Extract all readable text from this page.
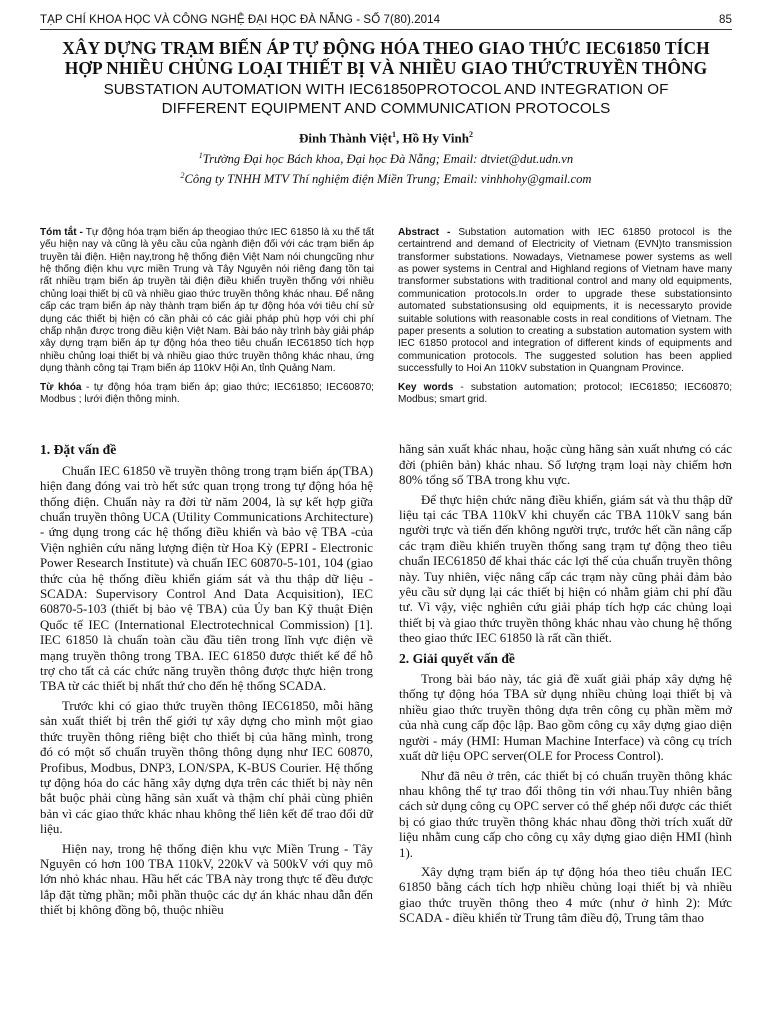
TẠP CHÍ KHOA HỌC VÀ CÔNG NGHỆ ĐẠI HỌC ĐÀ NẴNG - SỐ 7(80).2014	85
XÂY DỰNG TRẠM BIẾN ÁP TỰ ĐỘNG HÓA THEO GIAO THỨC IEC61850 TÍCH
HỢP NHIỀU CHỦNG LOẠI THIẾT BỊ VÀ NHIỀU GIAO THỨCTRUYỀN THÔNG
SUBSTATION AUTOMATION WITH IEC61850PROTOCOL AND INTEGRATION OF
DIFFERENT EQUIPMENT AND COMMUNICATION PROTOCOLS
Đinh Thành Việt$^1$, Hồ Hy Vinh$^2$
$^1$Trường Đại học Bách khoa, Đại học Đà Nẵng; Email: dtviet@dut.udn.vn
$^2$Công ty TNHH MTV Thí nghiệm điện Miền Trung; Email: vinhhohy@gmail.com

Tóm tắt - Tự động hóa trạm biến áp theogiao thức IEC 61850 là xu thế tất yếu hiện nay và cũng là yêu cầu của ngành điện đối với các trạm biến áp truyền tải điện. Hiện nay,trong hệ thống điện Việt Nam nói chungcũng như hệ thống điện khu vực miền Trung và Tây Nguyên nói riêng đang tồn tại rất nhiều trạm biến áp truyền tải điện điều khiển truyền thống với nhiều chủng loại thiết bị cũ và nhiều giao thức truyền thông khác nhau. Để nâng cấp các trạm biến áp này thành trạm biến áp tự động hóa với tiêu chí sử dụng các thiết bị hiện có cần phải có các giải pháp phù hợp với chi phí chấp nhận được trong điều kiện Việt Nam. Bài báo này trình bày giải pháp xây dựng trạm biến áp tự động hóa theo tiêu chuẩn IEC61850 tích hợp nhiều chủng loại thiết bị và nhiều giao thức truyền thông khác nhau, ứng dụng thành công tại Trạm biến áp 110kV Hội An, tỉnh Quảng Nam.

Từ khóa - tự động hóa trạm biến áp; giao thức; IEC61850; IEC60870; Modbus ; lưới điện thông minh.

Abstract - Substation automation with IEC 61850 protocol is the certaintrend and demand of Electricity of Vietnam (EVN)to transmission transformer substations. Nowadays, Vietnamese power systems as well as power systems in Central and Highland regions of Vietnam have many transformer substations with traditional control and many old equipments, communication protocols.In order to upgrade these substationsinto automated substationsusing old equipments, it is necessaryto provide suitable solutions with reasonable costs in real conditions of Vietnam. The paper presents a solution to creating a substation automation system with IEC 61850 protocol and integration of different kinds of equipments and communication protocols. The suggested solution has been applied successfully to Hoi An 110kV substation in Quangnam Province.

Key words - substation automation; protocol; IEC61850; IEC60870; Modbus; smart grid.

1. Đặt vấn đề

Chuẩn IEC 61850 về truyền thông trong trạm biến áp(TBA) hiện đang đóng vai trò hết sức quan trọng trong tự động hóa hệ thống điện. Chuẩn này ra đời từ năm 2004, là sự kết hợp giữa chuẩn truyền thông UCA (Utility Communications Architecture) - ứng dụng trong các hệ thống điều khiển và bảo vệ TBA -của Viện nghiên cứu năng lượng điện từ Hoa Kỳ (EPRI - Electronic Power Research Institute) và chuẩn IEC 60870-5-101, 104 (giao thức của hệ thống điều khiển giám sát và thu thập dữ liệu - SCADA: Supervisory Control And Data Acquisition), IEC 60870-5-103 (thiết bị bảo vệ TBA) của Ủy ban Kỹ thuật Điện Quốc tế IEC (International Electrotechnical Commission) [1]. IEC 61850 là chuẩn toàn cầu đầu tiên trong lĩnh vực điện về mạng truyền thông trong TBA. IEC 61850 được thiết kế để hỗ trợ cho tất cả các chức năng truyền thông được thực hiện trong TBA từ các thiết bị nhất thứ cho đến hệ thống SCADA.

Trước khi có giao thức truyền thông IEC61850, mỗi hãng sản xuất thiết bị trên thế giới tự xây dựng cho mình một giao thức truyền thông riêng biệt cho thiết bị của hãng mình, trong đó có một số chuẩn truyền thông thông dụng như IEC 60870, Profibus, Modbus, DNP3, LON/SPA, K-BUS Courier. Hệ thống tự động hóa do các hãng xây dựng dựa trên các thiết bị này nên bắt buộc phải cùng hãng sản xuất và thậm chí phải cùng phiên bản vì các giao thức khác nhau không thể liên kết để trao đổi dữ liệu.

Hiện nay, trong hệ thống điện khu vực Miền Trung - Tây Nguyên có hơn 100 TBA 110kV, 220kV và 500kV với quy mô lớn nhỏ khác nhau. Hầu hết các TBA này trong thực tế đều được lắp đặt từng phần; mỗi phần thuộc các dự án khác nhau dẫn đến thiết bị không đồng bộ, thuộc nhiều

hãng sản xuất khác nhau, hoặc cùng hãng sản xuất nhưng có các đời (phiên bản) khác nhau. Số lượng trạm loại này chiếm hơn 80% tổng số TBA trong khu vực.

Để thực hiện chức năng điều khiển, giám sát và thu thập dữ liệu tại các TBA 110kV khi chuyển các TBA 110kV sang bán người trực và tiến đến không người trực, trước hết cần nâng cấp các trạm điều khiển truyền thống sang trạm tự động theo tiêu chuẩn IEC61850 để khai thác các lợi thế của chuẩn truyền thông này. Tuy nhiên, việc nâng cấp các trạm này cũng phải đảm bảo yêu cầu sử dụng lại các thiết bị hiện có nhằm giảm chi phí đầu tư. Vì vậy, việc nghiên cứu giải pháp tích hợp các chủng loại thiết bị và giao thức truyền thông khác nhau vào chung hệ thống theo giao thức IEC 61850 là rất cần thiết.

2. Giải quyết vấn đề

Trong bài báo này, tác giả đề xuất giải pháp xây dựng hệ thống tự động hóa TBA sử dụng nhiều chủng loại thiết bị và nhiều giao thức truyền thông dựa trên công cụ phần mềm mở của nhà cung cấp độc lập. Bao gồm công cụ xây dựng giao diện người - máy (HMI: Human Machine Interface) và công cụ trích xuất dữ liệu OPC server(OLE for Process Control).

Như đã nêu ở trên, các thiết bị có chuẩn truyền thông khác nhau không thể tự trao đổi thông tin với nhau.Tuy nhiên bằng cách sử dụng công cụ OPC server có thể ghép nối được các thiết bị có giao thức truyền thông khác nhau đồng thời trích xuất dữ liệu nhằm cung cấp cho công cụ xây dựng giao diện HMI (hình 1).

Xây dựng trạm biến áp tự động hóa theo tiêu chuẩn IEC 61850 bằng cách tích hợp nhiều chủng loại thiết bị và nhiều giao thức truyền thông theo 4 mức (như ở hình 2): Mức SCADA - điều khiển từ Trung tâm điều độ, Trung tâm thao
